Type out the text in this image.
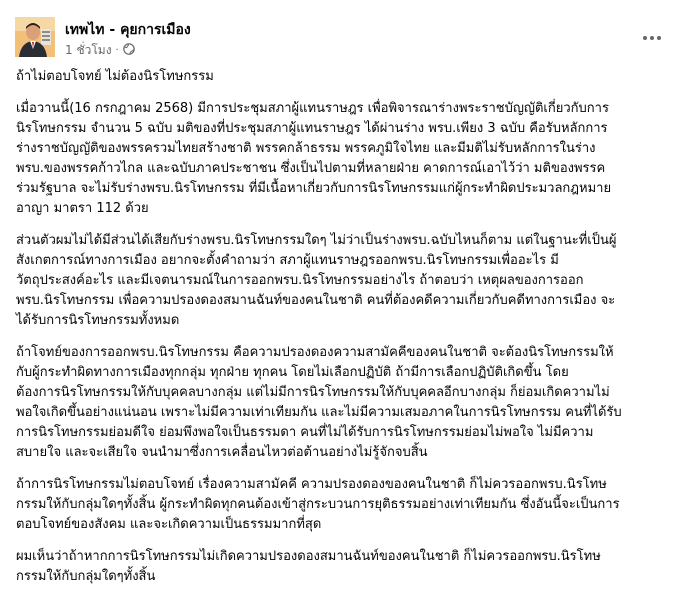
เทพไท - คุยการเมือง
1 ชั่วโมง ·

ถ้าไม่ตอบโจทย์ ไม่ต้องนิรโทษกรรม

เมื่อวานนี้(16 กรกฎาคม 2568) มีการประชุมสภาผู้แทนราษฎร เพื่อพิจารณาร่างพระราชบัญญัติเกี่ยวกับการ
นิรโทษกรรม จำนวน 5 ฉบับ มติของที่ประชุมสภาผู้แทนราษฎร ได้ผ่านร่าง พรบ.เพียง 3 ฉบับ คือรับหลักการ
ร่างราชบัญญัติของพรรครวมไทยสร้างชาติ พรรคกล้าธรรม พรรคภูมิใจไทย และมีมติไม่รับหลักการในร่าง
พรบ.ของพรรคก้าวไกล และฉบับภาคประชาชน ซึ่งเป็นไปตามที่หลายฝ่าย คาดการณ์เอาไว้ว่า มติของพรรค
ร่วมรัฐบาล จะไม่รับร่างพรบ.นิรโทษกรรม ที่มีเนื้อหาเกี่ยวกับการนิรโทษกรรมแก่ผู้กระทำผิดประมวลกฎหมาย
อาญา มาตรา 112 ด้วย

ส่วนตัวผมไม่ได้มีส่วนได้เสียกับร่างพรบ.นิรโทษกรรมใดๆ ไม่ว่าเป็นร่างพรบ.ฉบับไหนก็ตาม แต่ในฐานะที่เป็นผู้
สังเกตการณ์ทางการเมือง อยากจะตั้งคำถามว่า สภาผู้แทนราษฎรออกพรบ.นิรโทษกรรมเพื่ออะไร มี
วัตถุประสงค์อะไร และมีเจตนารมณ์ในการออกพรบ.นิรโทษกรรมอย่างไร ถ้าตอบว่า เหตุผลของการออก
พรบ.นิรโทษกรรม เพื่อความปรองดองสมานฉันท์ของคนในชาติ คนที่ต้องคดีความเกี่ยวกับคดีทางการเมือง จะ
ได้รับการนิรโทษกรรมทั้งหมด

ถ้าโจทย์ของการออกพรบ.นิรโทษกรรม คือความปรองดองความสามัคคีของคนในชาติ จะต้องนิรโทษกรรมให้
กับผู้กระทำผิดทางการเมืองทุกกลุ่ม ทุกฝ่าย ทุกคน โดยไม่เลือกปฏิบัติ ถ้ามีการเลือกปฏิบัติเกิดขึ้น โดย
ต้องการนิรโทษกรรมให้กับบุคคลบางกลุ่ม แต่ไม่มีการนิรโทษกรรมให้กับบุคคลอีกบางกลุ่ม ก็ย่อมเกิดความไม่
พอใจเกิดขึ้นอย่างแน่นอน เพราะไม่มีความเท่าเทียมกัน และไม่มีความเสมอภาคในการนิรโทษกรรม คนที่ได้รับ
การนิรโทษกรรมย่อมดีใจ ย่อมพึงพอใจเป็นธรรมดา คนที่ไม่ได้รับการนิรโทษกรรมย่อมไม่พอใจ ไม่มีความ
สบายใจ และจะเสียใจ จนนำมาซึ่งการเคลื่อนไหวต่อต้านอย่างไม่รู้จักจบสิ้น

ถ้าการนิรโทษกรรมไม่ตอบโจทย์ เรื่องความสามัคคี ความปรองดองของคนในชาติ ก็ไม่ควรออกพรบ.นิรโทษ
กรรมให้กับกลุ่มใดๆทั้งสิ้น ผู้กระทำผิดทุกคนต้องเข้าสู่กระบวนการยุติธรรมอย่างเท่าเทียมกัน ซึ่งอันนี้จะเป็นการ
ตอบโจทย์ของสังคม และจะเกิดความเป็นธรรมมากที่สุด

ผมเห็นว่าถ้าหากการนิรโทษกรรมไม่เกิดความปรองดองสมานฉันท์ของคนในชาติ ก็ไม่ควรออกพรบ.นิรโทษ
กรรมให้กับกลุ่มใดๆทั้งสิ้น
